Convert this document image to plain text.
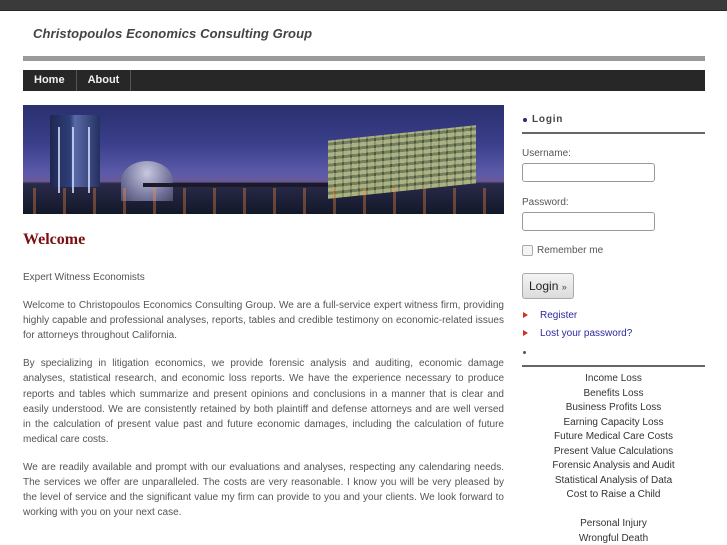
Christopoulos Economics Consulting Group
Home	About
Welcome

Expert Witness Economists

Welcome to Christopoulos Economics Consulting Group. We are a full-service expert witness firm, providing highly capable and professional analyses, reports, tables and credible testimony on economic-related issues for attorneys throughout California.

By specializing in litigation economics, we provide forensic analysis and auditing, economic damage analyses, statistical research, and economic loss reports. We have the experience necessary to produce reports and tables which summarize and present opinions and conclusions in a manner that is clear and easily understood. We are consistently retained by both plaintiff and defense attorneys and are well versed in the calculation of present value past and future economic damages, including the calculation of future medical care costs.

We are readily available and prompt with our evaluations and analyses, respecting any calendaring needs. The services we offer are unparalleled. The costs are very reasonable. I know you will be very pleased by the level of service and the significant value my firm can provide to you and your clients. We look forward to working with you on your next case.

Login
Username:
Password:
Remember me
Login »
Register
Lost your password?
Income Loss
Benefits Loss
Business Profits Loss
Earning Capacity Loss
Future Medical Care Costs
Present Value Calculations
Forensic Analysis and Audit
Statistical Analysis of Data
Cost to Raise a Child
Personal Injury
Wrongful Death
